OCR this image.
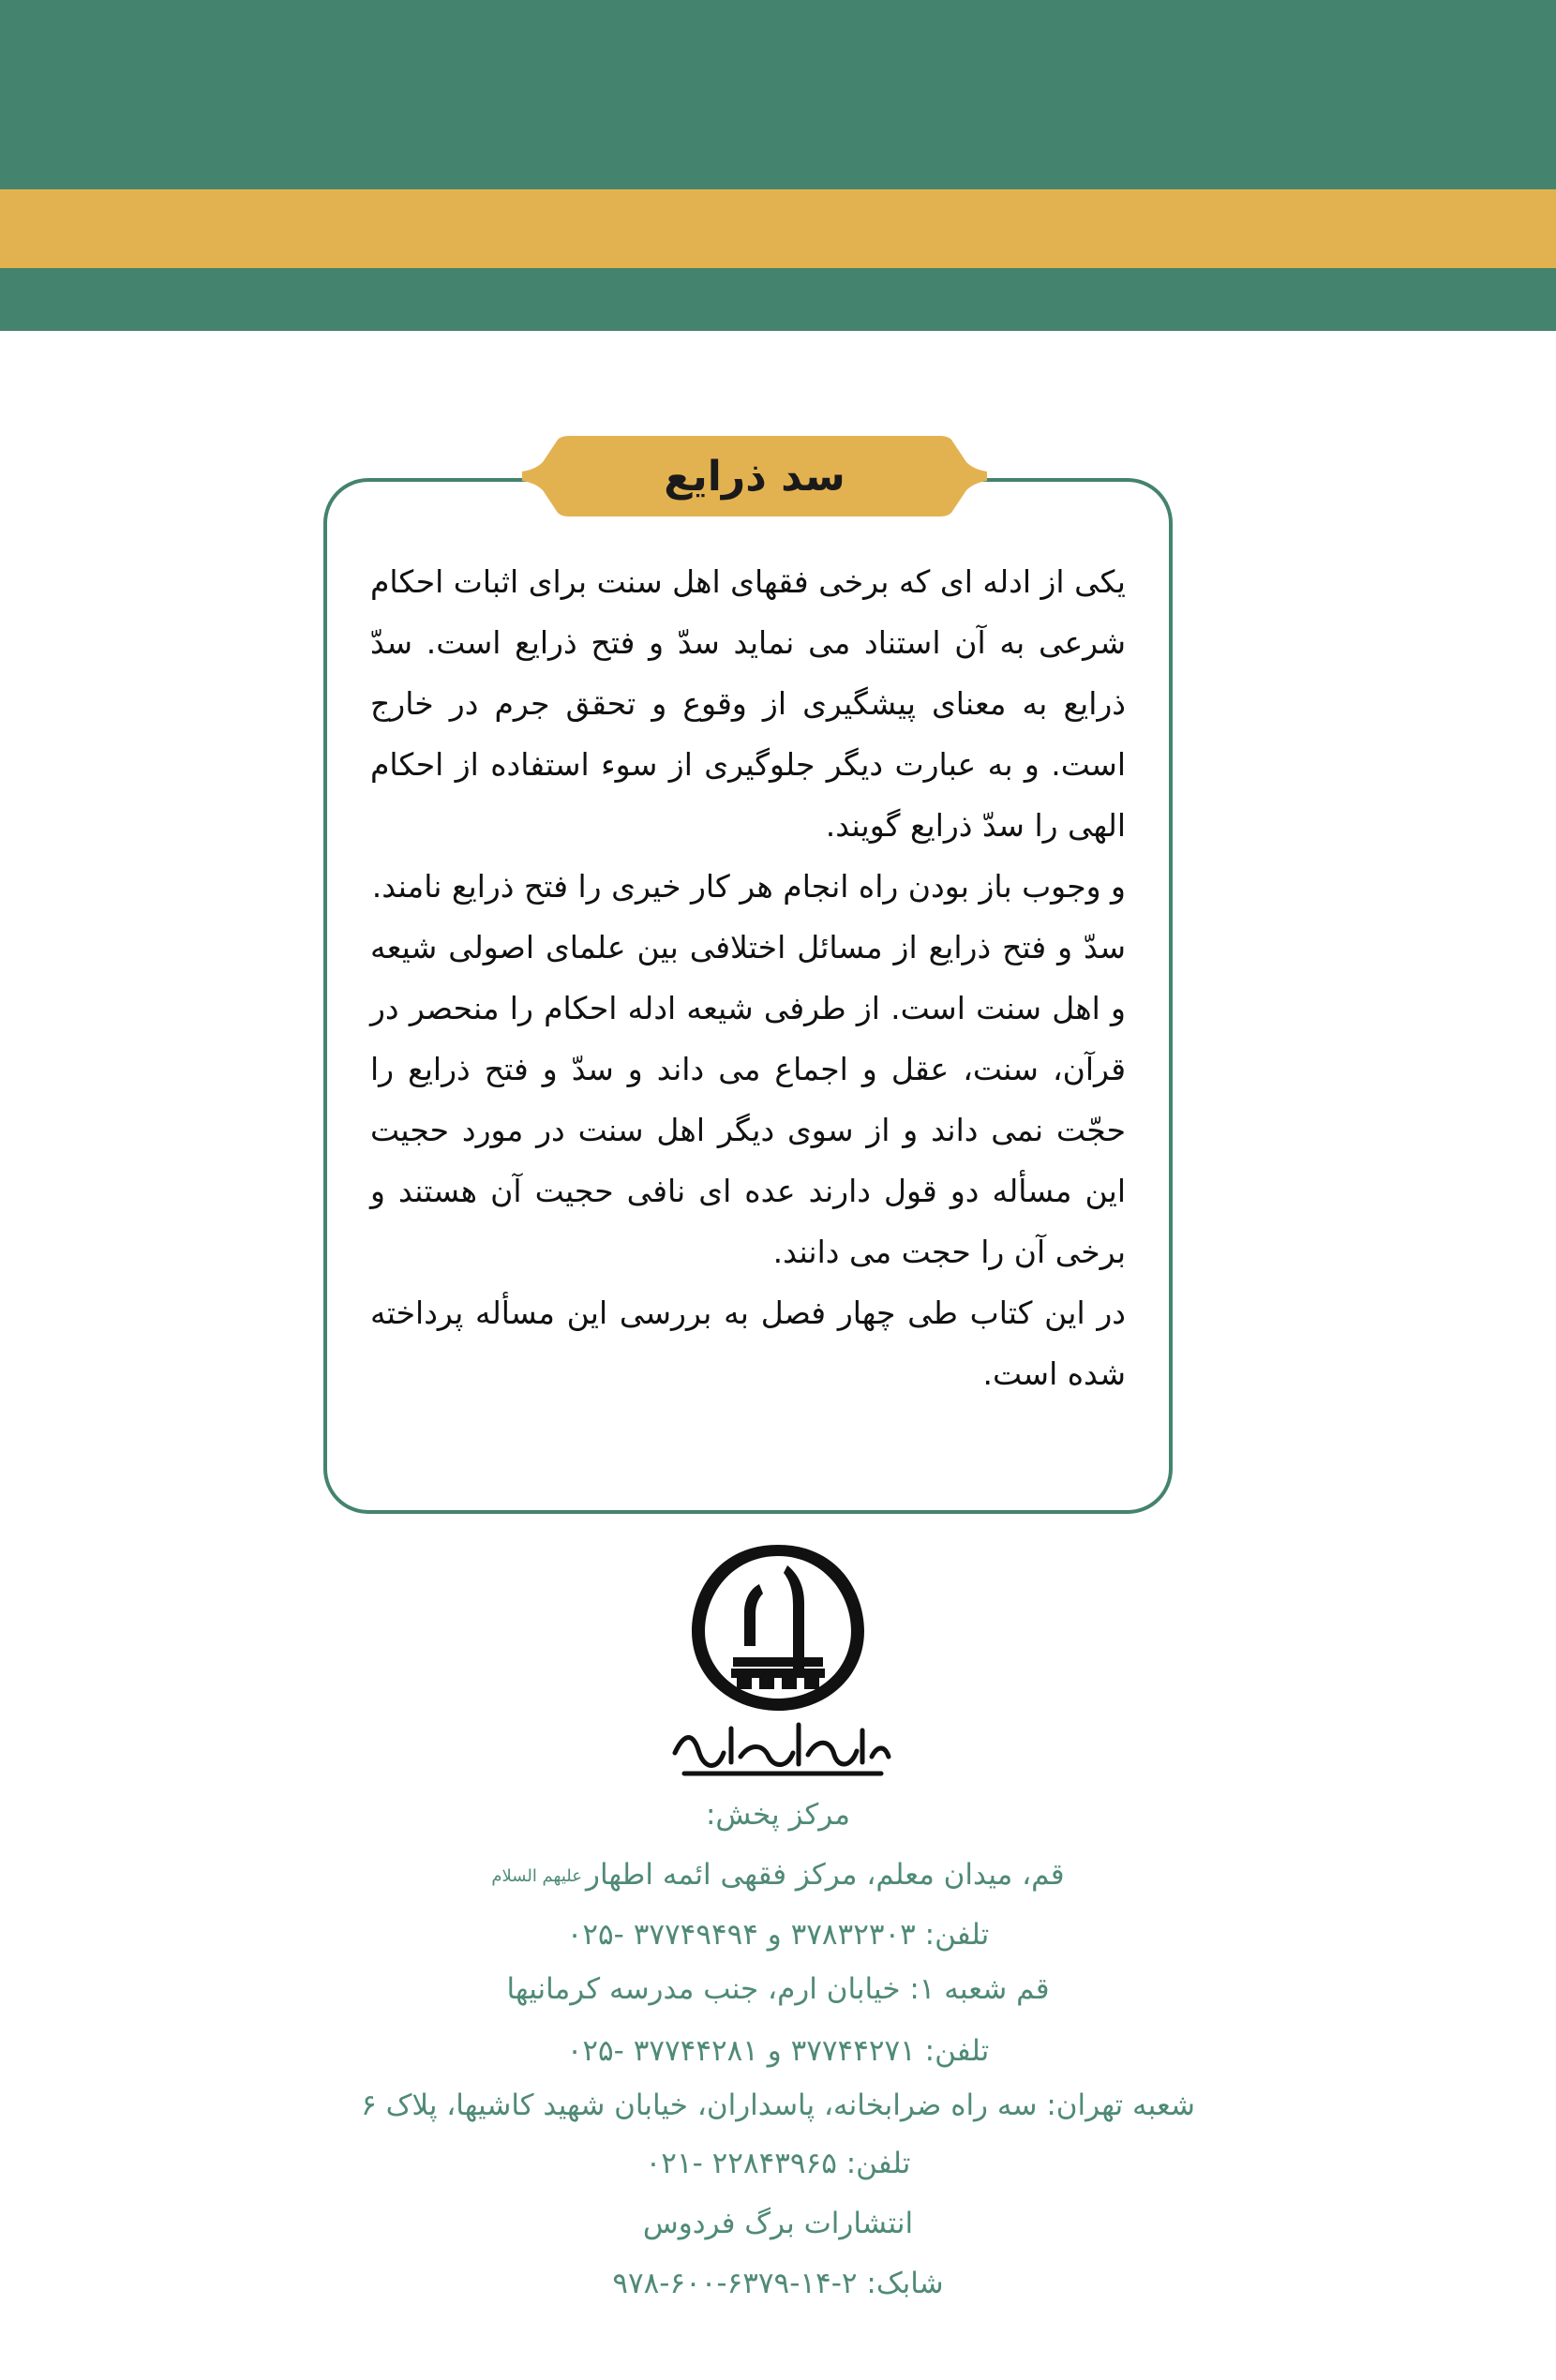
سد ذرایع

یکی از ادله ای که برخی فقهای اهل سنت برای اثبات احکام شرعی به آن استناد می نماید سدّ و فتح ذرایع است. سدّ ذرایع به معنای پیشگیری از وقوع و تحقق جرم در خارج است. و به عبارت دیگر جلوگیری از سوء استفاده از احکام الهی را سدّ ذرایع گویند.

و وجوب باز بودن راه انجام هر کار خیری را فتح ذرایع نامند.

سدّ و فتح ذرایع از مسائل اختلافی بین علمای اصولی شیعه و اهل سنت است. از طرفی شیعه ادله احکام را منحصر در قرآن، سنت، عقل و اجماع می داند و سدّ و فتح ذرایع را حجّت نمی داند و از سوی دیگر اهل سنت در مورد حجیت این مسأله دو قول دارند عده ای نافی حجیت آن هستند و برخی آن را حجت می دانند.

در این کتاب طی چهار فصل به بررسی این مسأله پرداخته شده است.

مرکز پخش:
قم، میدان معلم، مرکز فقهی ائمه اطهارعلیهم السلام
تلفن: ۳۷۸۳۲۳۰۳ و ۳۷۷۴۹۴۹۴ -۰۲۵
قم شعبه ۱: خیابان ارم، جنب مدرسه کرمانیها
تلفن: ۳۷۷۴۴۲۷۱ و ۳۷۷۴۴۲۸۱ -۰۲۵
شعبه تهران: سه راه ضرابخانه، پاسداران، خیابان شهید کاشیها، پلاک ۶
تلفن: ۲۲۸۴۳۹۶۵ -۰۲۱
انتشارات برگ فردوس
شابک: ۲-۱۴-۶۳۷۹-۶۰۰-۹۷۸
